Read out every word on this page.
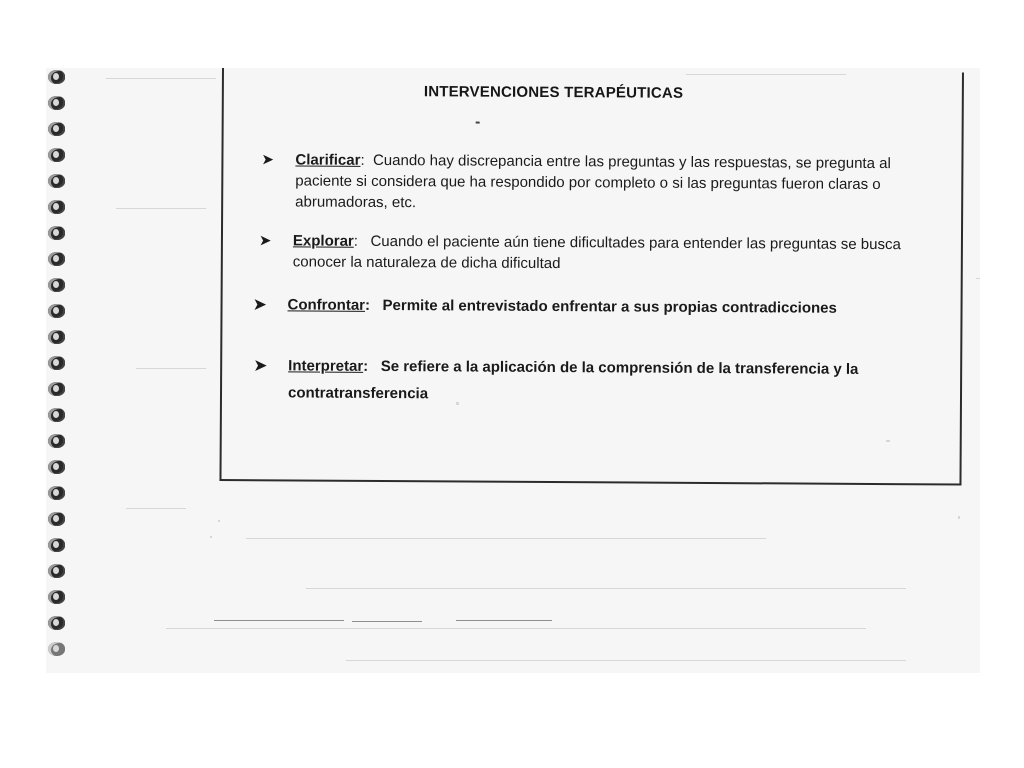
INTERVENCIONES TERAPÉUTICAS
➤	Clarificar: Cuando hay discrepancia entre las preguntas y las respuestas, se pregunta al paciente si considera que ha respondido por completo o si las preguntas fueron claras o abrumadoras, etc.
➤	Explorar: Cuando el paciente aún tiene dificultades para entender las preguntas se busca conocer la naturaleza de dicha dificultad
➤	Confrontar: Permite al entrevistado enfrentar a sus propias contradicciones
➤	Interpretar: Se refiere a la aplicación de la comprensión de la transferencia y la contratransferencia
